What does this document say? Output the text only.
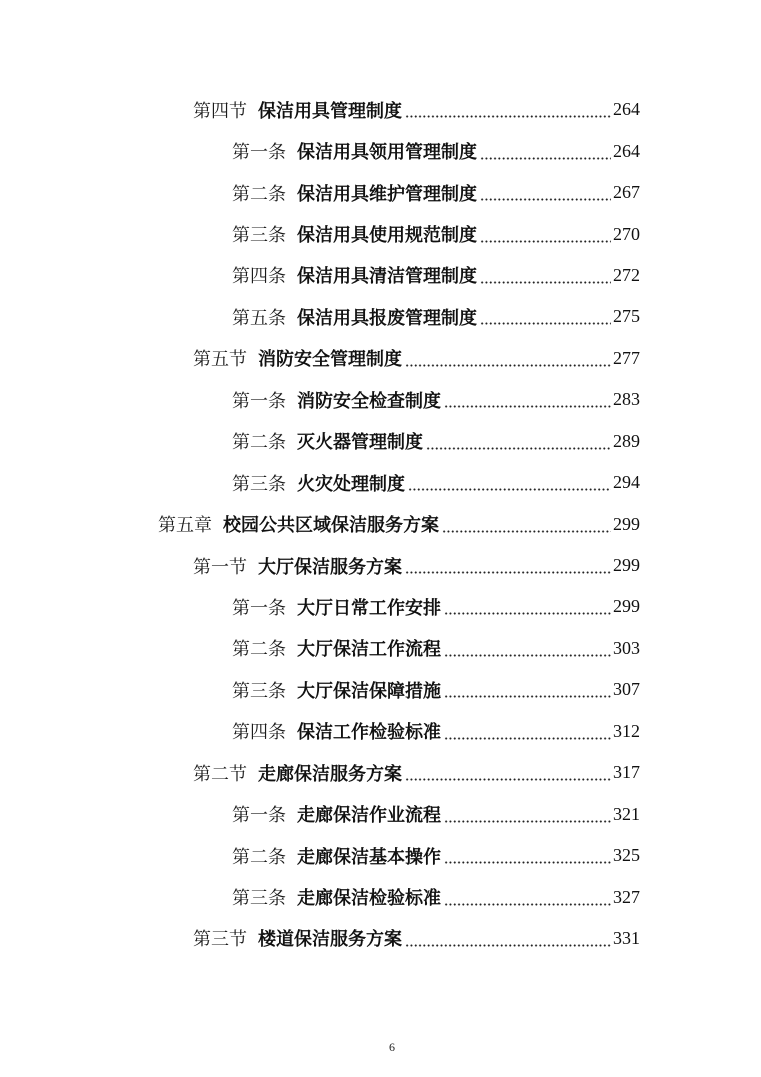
第四节 保洁用具管理制度	264
第一条 保洁用具领用管理制度	264
第二条 保洁用具维护管理制度	267
第三条 保洁用具使用规范制度	270
第四条 保洁用具清洁管理制度	272
第五条 保洁用具报废管理制度	275
第五节 消防安全管理制度	277
第一条 消防安全检查制度	283
第二条 灭火器管理制度	289
第三条 火灾处理制度	294
第五章 校园公共区域保洁服务方案	299
第一节 大厅保洁服务方案	299
第一条 大厅日常工作安排	299
第二条 大厅保洁工作流程	303
第三条 大厅保洁保障措施	307
第四条 保洁工作检验标准	312
第二节 走廊保洁服务方案	317
第一条 走廊保洁作业流程	321
第二条 走廊保洁基本操作	325
第三条 走廊保洁检验标准	327
第三节 楼道保洁服务方案	331
6
